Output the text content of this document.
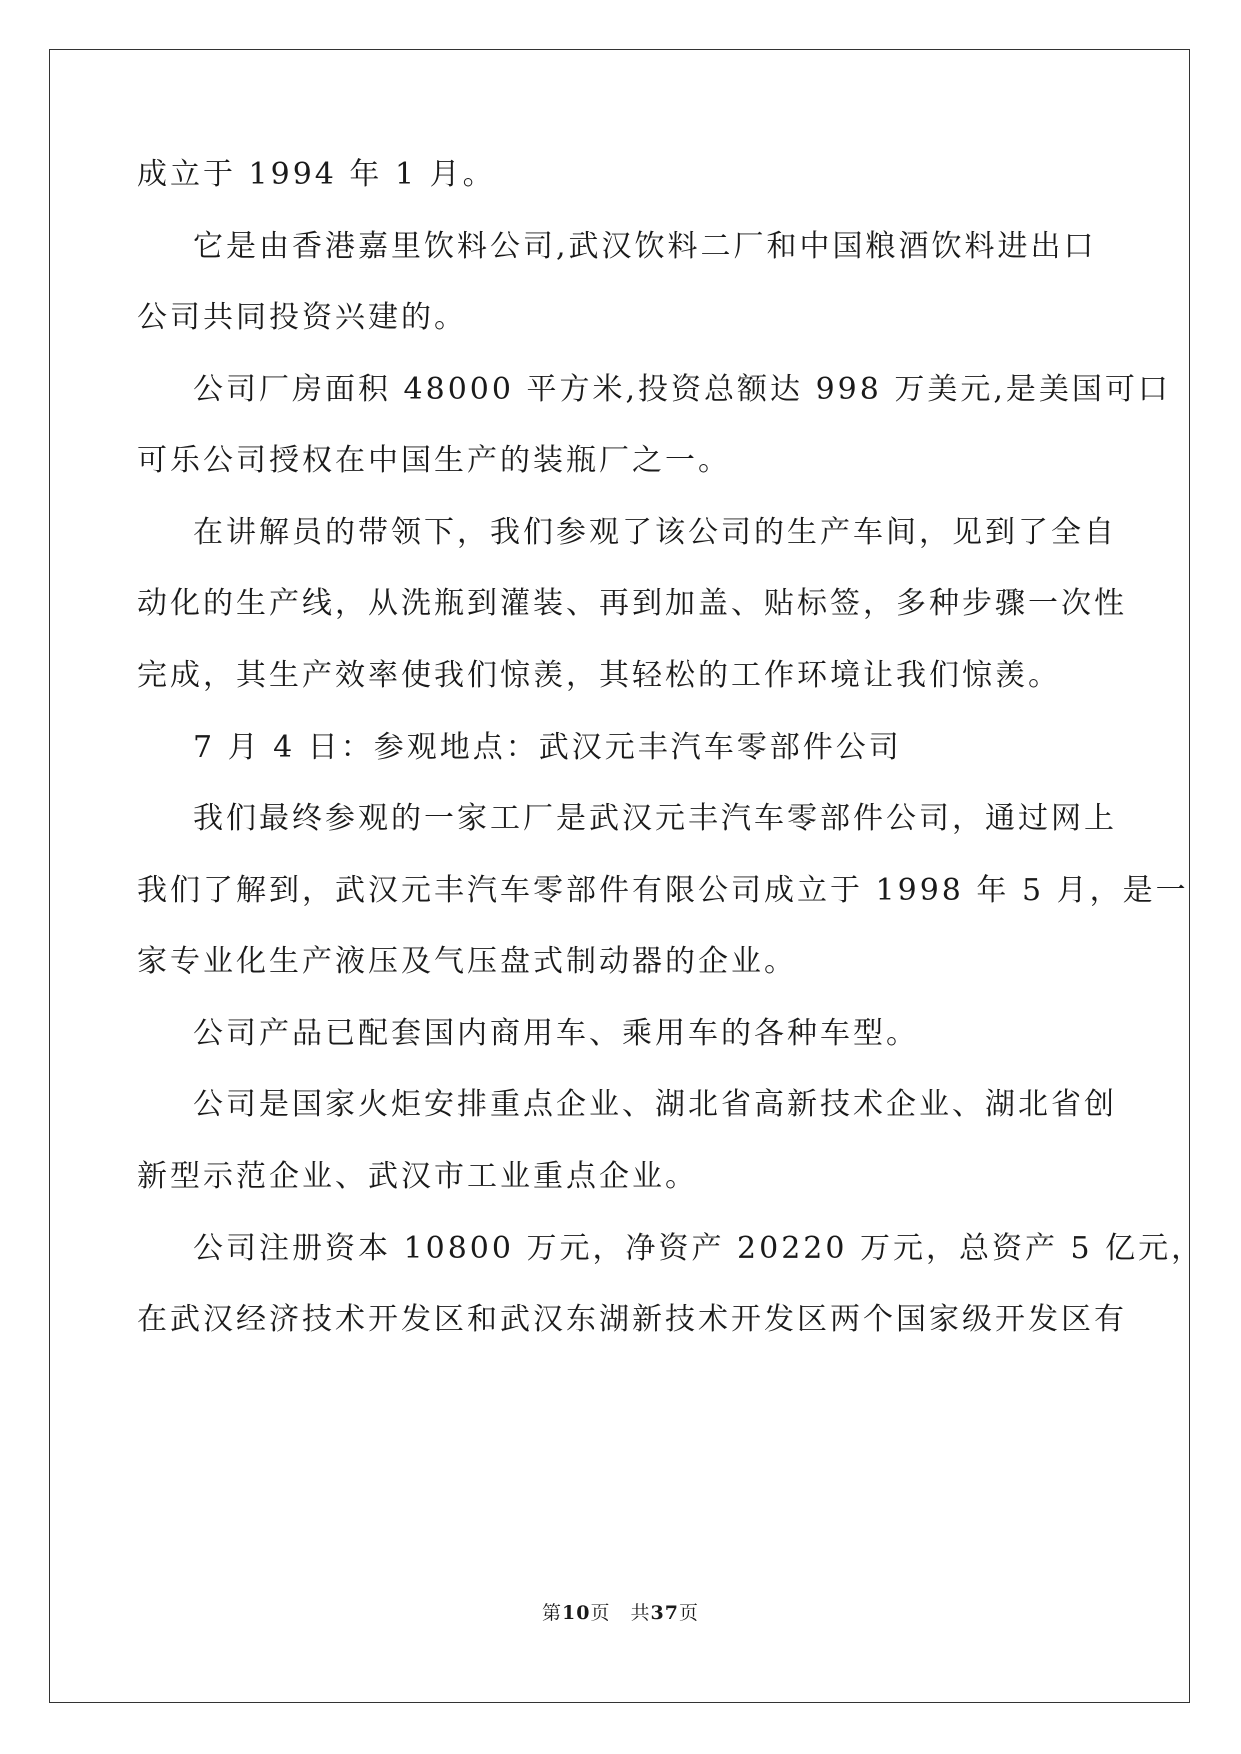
成立于 1994 年 1 月。
它是由香港嘉里饮料公司,武汉饮料二厂和中国粮酒饮料进出口
公司共同投资兴建的。
公司厂房面积 48000 平方米,投资总额达 998 万美元,是美国可口
可乐公司授权在中国生产的装瓶厂之一。
在讲解员的带领下，我们参观了该公司的生产车间，见到了全自
动化的生产线，从洗瓶到灌装、再到加盖、贴标签，多种步骤一次性
完成，其生产效率使我们惊羡，其轻松的工作环境让我们惊羡。
7 月 4 日：参观地点：武汉元丰汽车零部件公司
我们最终参观的一家工厂是武汉元丰汽车零部件公司，通过网上
我们了解到，武汉元丰汽车零部件有限公司成立于 1998 年 5 月，是一
家专业化生产液压及气压盘式制动器的企业。
公司产品已配套国内商用车、乘用车的各种车型。
公司是国家火炬安排重点企业、湖北省高新技术企业、湖北省创
新型示范企业、武汉市工业重点企业。
公司注册资本 10800 万元，净资产 20220 万元，总资产 5 亿元，
在武汉经济技术开发区和武汉东湖新技术开发区两个国家级开发区有
第10页　共37页
